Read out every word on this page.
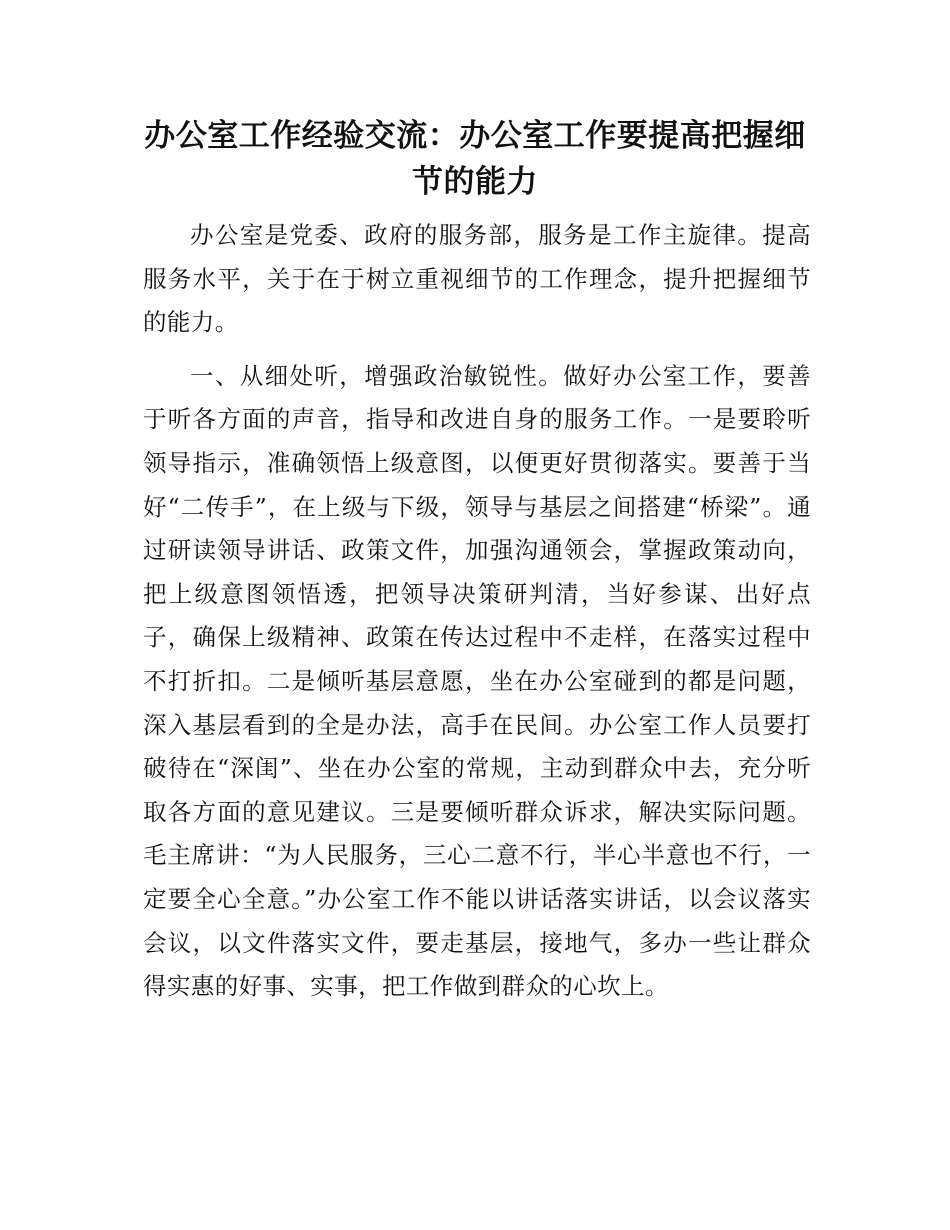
办公室工作经验交流：办公室工作要提高把握细节的能力

办公室是党委、政府的服务部，服务是工作主旋律。提高服务水平，关于在于树立重视细节的工作理念，提升把握细节的能力。

一、从细处听，增强政治敏锐性。做好办公室工作，要善于听各方面的声音，指导和改进自身的服务工作。一是要聆听领导指示，准确领悟上级意图，以便更好贯彻落实。要善于当好“二传手”，在上级与下级，领导与基层之间搭建“桥梁”。通过研读领导讲话、政策文件，加强沟通领会，掌握政策动向，把上级意图领悟透，把领导决策研判清，当好参谋、出好点子，确保上级精神、政策在传达过程中不走样，在落实过程中不打折扣。二是倾听基层意愿，坐在办公室碰到的都是问题，深入基层看到的全是办法，高手在民间。办公室工作人员要打破待在“深闺”、坐在办公室的常规，主动到群众中去，充分听取各方面的意见建议。三是要倾听群众诉求，解决实际问题。毛主席讲：“为人民服务，三心二意不行，半心半意也不行，一定要全心全意。”办公室工作不能以讲话落实讲话，以会议落实会议，以文件落实文件，要走基层，接地气，多办一些让群众得实惠的好事、实事，把工作做到群众的心坎上。
